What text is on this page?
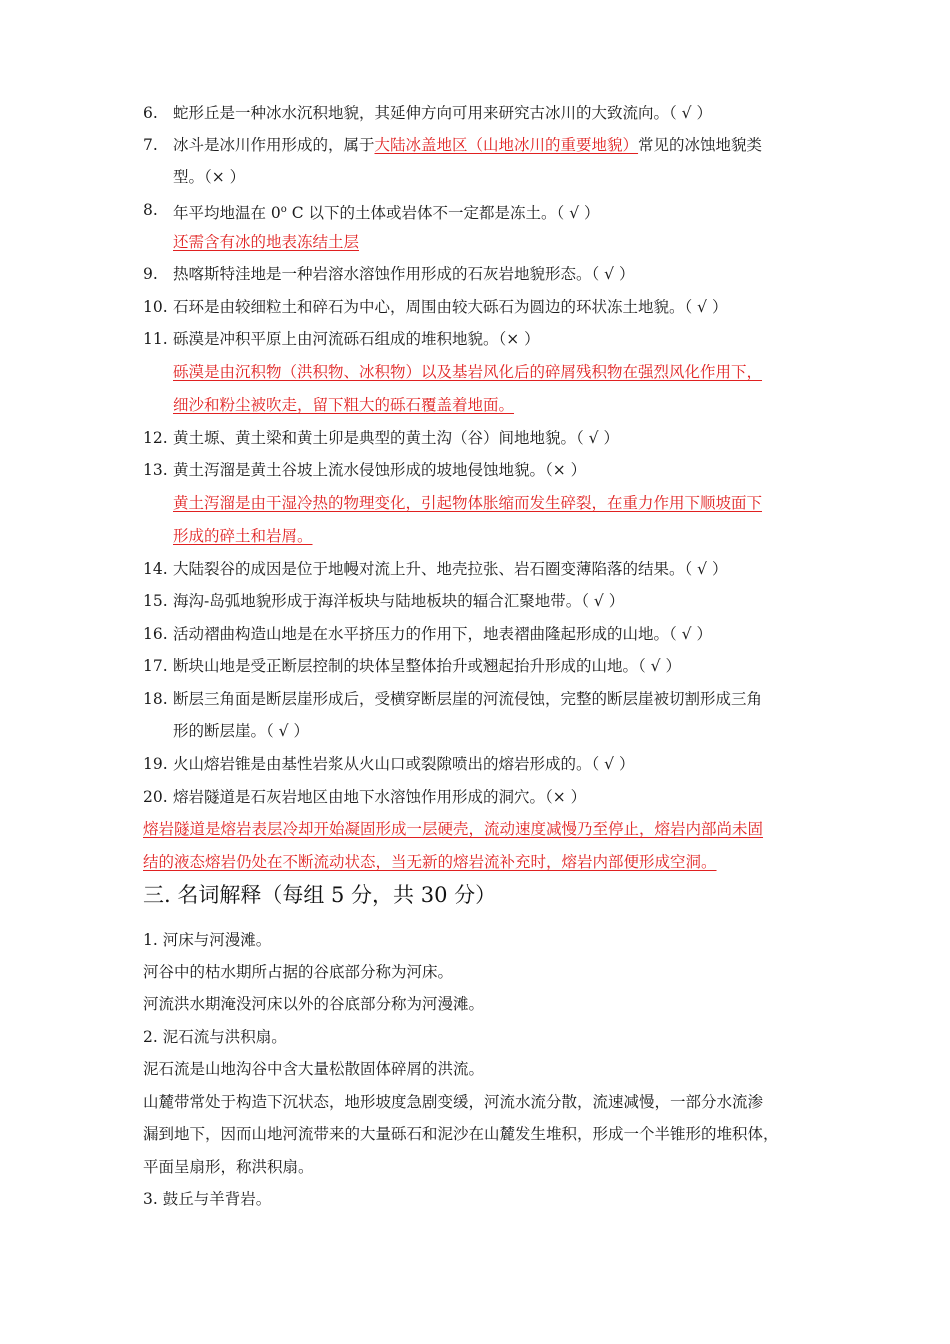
6. 蛇形丘是一种冰水沉积地貌，其延伸方向可用来研究古冰川的大致流向。（ √ ）
7. 冰斗是冰川作用形成的，属于大陆冰盖地区（山地冰川的重要地貌）常见的冰蚀地貌类
型。（× ）
8. 年平均地温在 0$^o$ C 以下的土体或岩体不一定都是冻土。（ √ ）
还需含有冰的地表冻结土层
9. 热喀斯特洼地是一种岩溶水溶蚀作用形成的石灰岩地貌形态。（ √ ）
10. 石环是由较细粒土和碎石为中心，周围由较大砾石为圆边的环状冻土地貌。（ √ ）
11. 砾漠是冲积平原上由河流砾石组成的堆积地貌。（× ）
砾漠是由沉积物（洪积物、冰积物）以及基岩风化后的碎屑残积物在强烈风化作用下，
细沙和粉尘被吹走，留下粗大的砾石覆盖着地面。
12. 黄土塬、黄土梁和黄土卯是典型的黄土沟（谷）间地地貌。（ √ ）
13. 黄土泻溜是黄土谷坡上流水侵蚀形成的坡地侵蚀地貌。（× ）
黄土泻溜是由干湿冷热的物理变化，引起物体胀缩而发生碎裂，在重力作用下顺坡面下
形成的碎土和岩屑。
14. 大陆裂谷的成因是位于地幔对流上升、地壳拉张、岩石圈变薄陷落的结果。（ √ ）
15. 海沟-岛弧地貌形成于海洋板块与陆地板块的辐合汇聚地带。（ √ ）
16. 活动褶曲构造山地是在水平挤压力的作用下，地表褶曲隆起形成的山地。（ √ ）
17. 断块山地是受正断层控制的块体呈整体抬升或翘起抬升形成的山地。（ √ ）
18. 断层三角面是断层崖形成后，受横穿断层崖的河流侵蚀，完整的断层崖被切割形成三角
形的断层崖。（ √ ）
19. 火山熔岩锥是由基性岩浆从火山口或裂隙喷出的熔岩形成的。（ √ ）
20. 熔岩隧道是石灰岩地区由地下水溶蚀作用形成的洞穴。（× ）
熔岩隧道是熔岩表层冷却开始凝固形成一层硬壳，流动速度减慢乃至停止，熔岩内部尚未固
结的液态熔岩仍处在不断流动状态，当无新的熔岩流补充时，熔岩内部便形成空洞。
三. 名词解释（每组 5 分，共 30 分）
1. 河床与河漫滩。
河谷中的枯水期所占据的谷底部分称为河床。
河流洪水期淹没河床以外的谷底部分称为河漫滩。
2. 泥石流与洪积扇。
泥石流是山地沟谷中含大量松散固体碎屑的洪流。
山麓带常处于构造下沉状态，地形坡度急剧变缓，河流水流分散，流速减慢，一部分水流渗
漏到地下，因而山地河流带来的大量砾石和泥沙在山麓发生堆积，形成一个半锥形的堆积体，
平面呈扇形，称洪积扇。
3. 鼓丘与羊背岩。
